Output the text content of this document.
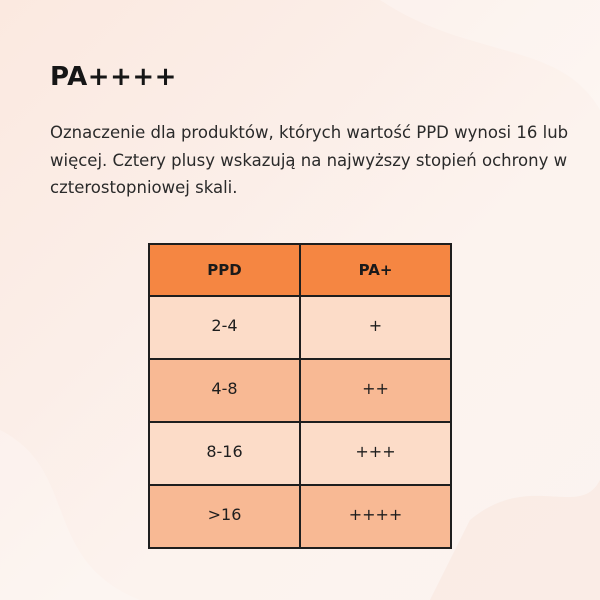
PA++++

Oznaczenie dla produktów, których wartość PPD wynosi 16 lub więcej. Cztery plusy wskazują na najwyższy stopień ochrony w czterostopniowej skali.

PPD	PA+
2-4	+
4-8	++
8-16	+++
>16	++++
